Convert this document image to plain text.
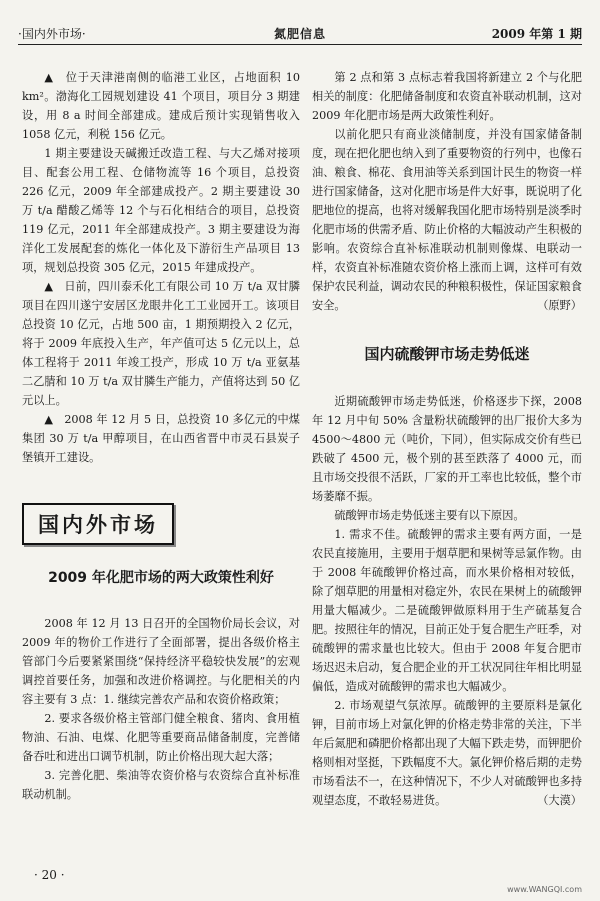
·国内外市场·	氮肥信息	2009 年第 1 期

▲　位于天津港南侧的临港工业区，占地面积 10 km²。渤海化工园规划建设 41 个项目，项目分 3 期建设，用 8 a 时间全部建成。建成后预计实现销售收入 1058 亿元，利税 156 亿元。

1 期主要建设天碱搬迁改造工程、与大乙烯对接项目、配套公用工程、仓储物流等 16 个项目，总投资 226 亿元，2009 年全部建成投产。2 期主要建设 30 万 t/a 醋酸乙烯等 12 个与石化相结合的项目，总投资 119 亿元，2011 年全部建成投产。3 期主要建设为海洋化工发展配套的炼化一体化及下游衍生产品项目 13 项，规划总投资 305 亿元，2015 年建成投产。

▲　日前，四川泰禾化工有限公司 10 万 t/a 双甘膦项目在四川遂宁安居区龙眼井化工工业园开工。该项目总投资 10 亿元，占地 500 亩，1 期预期投入 2 亿元，将于 2009 年底投入生产，年产值可达 5 亿元以上，总体工程将于 2011 年竣工投产，形成 10 万 t/a 亚氨基二乙腈和 10 万 t/a 双甘膦生产能力，产值将达到 50 亿元以上。

▲　2008 年 12 月 5 日，总投资 10 多亿元的中煤集团 30 万 t/a 甲醇项目，在山西省晋中市灵石县炭子堡镇开工建设。

国内外市场
2009 年化肥市场的两大政策性利好

2008 年 12 月 13 日召开的全国物价局长会议，对 2009 年的物价工作进行了全面部署，提出各级价格主管部门今后要紧紧围绕“保持经济平稳较快发展”的宏观调控首要任务，加强和改进价格调控。与化肥相关的内容主要有 3 点：1. 继续完善农产品和农资价格政策；

2. 要求各级价格主管部门健全粮食、猪肉、食用植物油、石油、电煤、化肥等重要商品储备制度，完善储备吞吐和进出口调节机制，防止价格出现大起大落；

3. 完善化肥、柴油等农资价格与农资综合直补标准联动机制。

第 2 点和第 3 点标志着我国将新建立 2 个与化肥相关的制度：化肥储备制度和农资直补联动机制，这对 2009 年化肥市场是两大政策性利好。

以前化肥只有商业淡储制度，并没有国家储备制度，现在把化肥也纳入到了重要物资的行列中，也像石油、粮食、棉花、食用油等关系到国计民生的物资一样进行国家储备，这对化肥市场是件大好事，既说明了化肥地位的提高，也将对缓解我国化肥市场特别是淡季时化肥市场的供需矛盾、防止价格的大幅波动产生积极的影响。农资综合直补标准联动机制则像煤、电联动一样，农资直补标准随农资价格上涨而上调，这样可有效保护农民利益，调动农民的种粮积极性，保证国家粮食安全。	（原野）

国内硫酸钾市场走势低迷

近期硫酸钾市场走势低迷，价格逐步下探，2008 年 12 月中旬 50% 含量粉状硫酸钾的出厂报价大多为 4500～4800 元（吨价，下同），但实际成交价有些已跌破了 4500 元，极个别的甚至跌落了 4000 元，而且市场交投很不活跃，厂家的开工率也比较低，整个市场萎靡不振。

硫酸钾市场走势低迷主要有以下原因。

1. 需求不佳。硫酸钾的需求主要有两方面，一是农民直接施用，主要用于烟草肥和果树等忌氯作物。由于 2008 年硫酸钾价格过高，而水果价格相对较低，除了烟草肥的用量相对稳定外，农民在果树上的硫酸钾用量大幅减少。二是硫酸钾做原料用于生产硫基复合肥。按照往年的情况，目前正处于复合肥生产旺季，对硫酸钾的需求量也比较大。但由于 2008 年复合肥市场迟迟未启动，复合肥企业的开工状况同往年相比明显偏低，造成对硫酸钾的需求也大幅减少。

2. 市场观望气氛浓厚。硫酸钾的主要原料是氯化钾，目前市场上对氯化钾的价格走势非常的关注，下半年后氮肥和磷肥价格都出现了大幅下跌走势，而钾肥价格则相对坚挺，下跌幅度不大。氯化钾价格后期的走势市场看法不一，在这种情况下，不少人对硫酸钾也多持观望态度，不敢轻易进货。	（大漠）

· 20 ·
www.WANGQI.com
